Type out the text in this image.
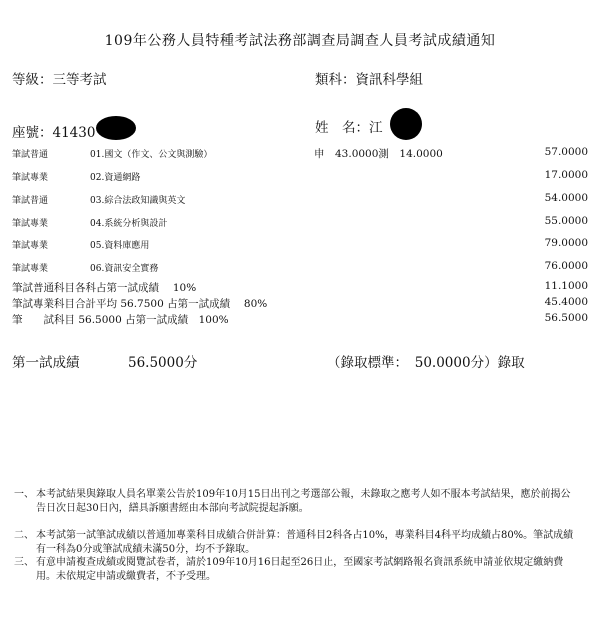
109年公務人員特種考試法務部調查局調查人員考試成績通知
等級：三等考試	類科：資訊科學組
座號：41430	姓　名： 江
筆試普通	01.國文（作文、公文與測驗）	申　43.0000測　14.0000	57.0000
筆試專業	02.資通網路	17.0000
筆試普通	03.綜合法政知識與英文	54.0000
筆試專業	04.系統分析與設計	55.0000
筆試專業	05.資料庫應用	79.0000
筆試專業	06.資訊安全實務	76.0000
筆試普通科目各科占第一試成績　 10%	11.1000
筆試專業科目合計平均 56.7500 占第一試成績　 80%	45.4000
筆　　試科目 56.5000 占第一試成績　100%	56.5000
第一試成績	56.5000分	（錄取標準：　50.0000分）錄取
一、 本考試結果與錄取人員名單業公告於109年10月15日出刊之考選部公報，未錄取之應考人如不服本考試結果，應於前揭公告日次日起30日內，繕具訴願書經由本部向考試院提起訴願。
二、 本考試第一試筆試成績以普通加專業科目成績合併計算：普通科目2科各占10%，專業科目4科平均成績占80%。筆試成績有一科為0分或筆試成績未滿50分，均不予錄取。
三、 有意申請複查成績或閱覽試卷者，請於109年10月16日起至26日止，至國家考試網路報名資訊系統申請並依規定繳納費用。未依規定申請或繳費者，不予受理。
